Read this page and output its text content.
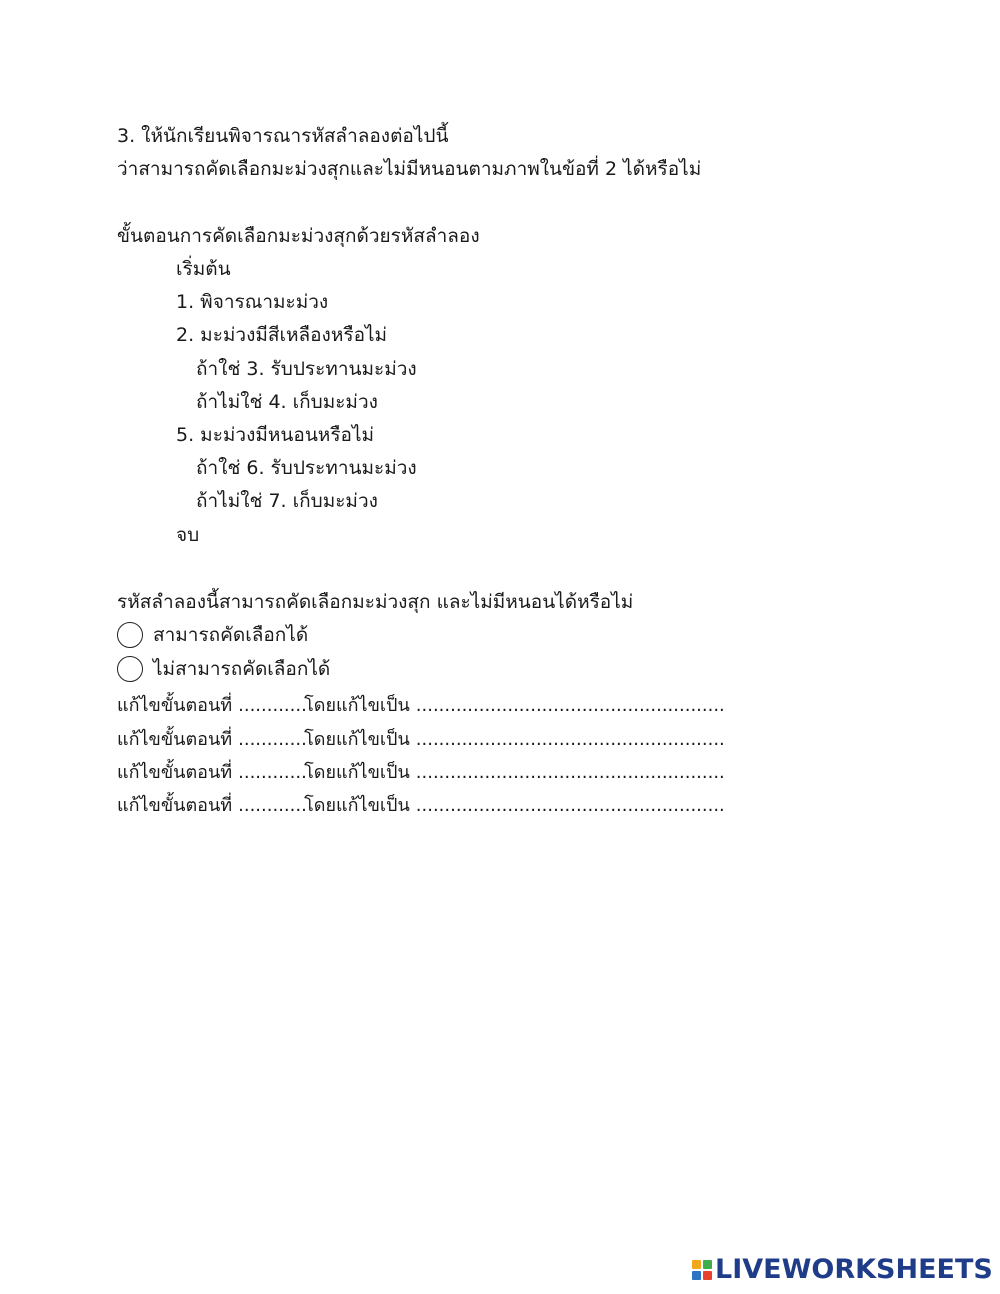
3. ให้นักเรียนพิจารณารหัสลำลองต่อไปนี้
ว่าสามารถคัดเลือกมะม่วงสุกและไม่มีหนอนตามภาพในข้อที่ 2 ได้หรือไม่
ขั้นตอนการคัดเลือกมะม่วงสุกด้วยรหัสลำลอง
เริ่มต้น
1. พิจารณามะม่วง
2. มะม่วงมีสีเหลืองหรือไม่
ถ้าใช่ 3. รับประทานมะม่วง
ถ้าไม่ใช่ 4. เก็บมะม่วง
5. มะม่วงมีหนอนหรือไม่
ถ้าใช่ 6. รับประทานมะม่วง
ถ้าไม่ใช่ 7. เก็บมะม่วง
จบ
รหัสลำลองนี้สามารถคัดเลือกมะม่วงสุก และไม่มีหนอนได้หรือไม่
สามารถคัดเลือกได้
ไม่สามารถคัดเลือกได้
แก้ไขขั้นตอนที่ ............
โดยแก้ไขเป็น ......................................................
แก้ไขขั้นตอนที่ ............
โดยแก้ไขเป็น ......................................................
แก้ไขขั้นตอนที่ ............
โดยแก้ไขเป็น ......................................................
แก้ไขขั้นตอนที่ ............
โดยแก้ไขเป็น ......................................................
LIVEWORKSHEETS
